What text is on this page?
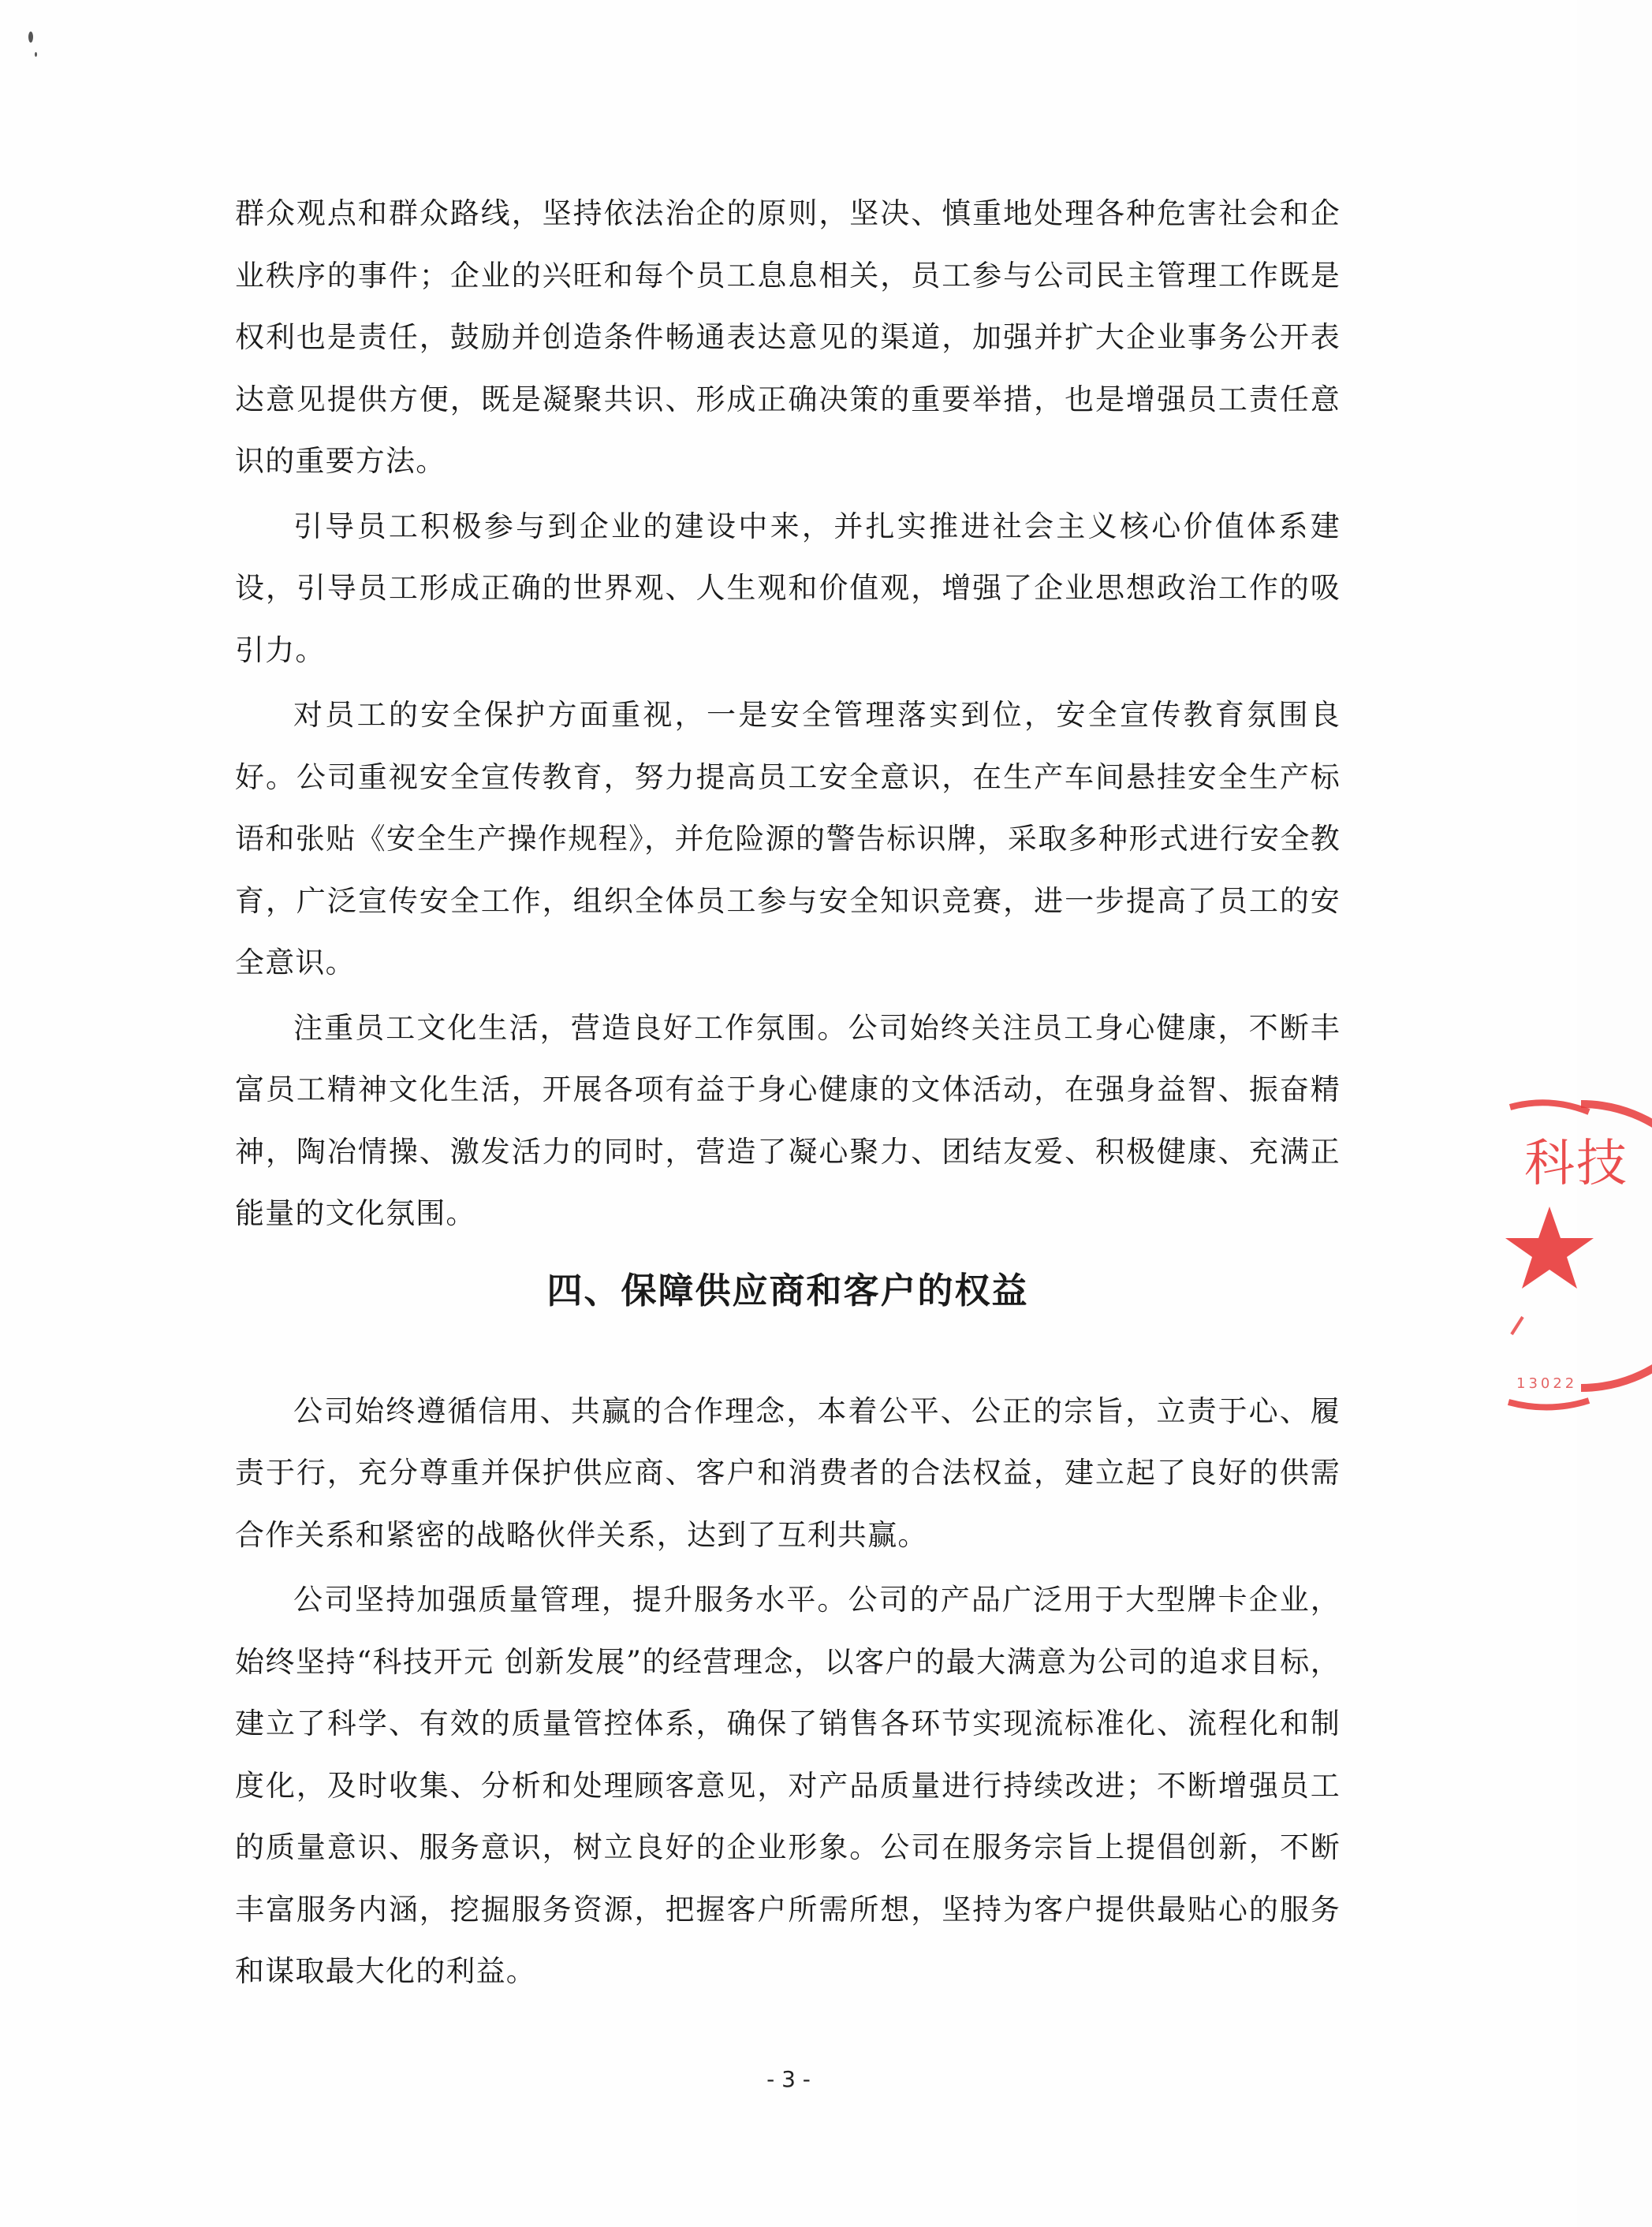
群众观点和群众路线，坚持依法治企的原则，坚决、慎重地处理各种危害社会和企业秩序的事件；企业的兴旺和每个员工息息相关，员工参与公司民主管理工作既是权利也是责任，鼓励并创造条件畅通表达意见的渠道，加强并扩大企业事务公开表达意见提供方便，既是凝聚共识、形成正确决策的重要举措，也是增强员工责任意识的重要方法。

引导员工积极参与到企业的建设中来，并扎实推进社会主义核心价值体系建设，引导员工形成正确的世界观、人生观和价值观，增强了企业思想政治工作的吸引力。

对员工的安全保护方面重视，一是安全管理落实到位，安全宣传教育氛围良好。公司重视安全宣传教育，努力提高员工安全意识，在生产车间悬挂安全生产标语和张贴《安全生产操作规程》，并危险源的警告标识牌，采取多种形式进行安全教育，广泛宣传安全工作，组织全体员工参与安全知识竞赛，进一步提高了员工的安全意识。

注重员工文化生活，营造良好工作氛围。公司始终关注员工身心健康，不断丰富员工精神文化生活，开展各项有益于身心健康的文体活动，在强身益智、振奋精神，陶冶情操、激发活力的同时，营造了凝心聚力、团结友爱、积极健康、充满正能量的文化氛围。

四、保障供应商和客户的权益

公司始终遵循信用、共赢的合作理念，本着公平、公正的宗旨，立责于心、履责于行，充分尊重并保护供应商、客户和消费者的合法权益，建立起了良好的供需合作关系和紧密的战略伙伴关系，达到了互利共赢。

公司坚持加强质量管理，提升服务水平。公司的产品广泛用于大型牌卡企业，始终坚持“科技开元 创新发展”的经营理念，以客户的最大满意为公司的追求目标，建立了科学、有效的质量管控体系，确保了销售各环节实现流标准化、流程化和制度化，及时收集、分析和处理顾客意见，对产品质量进行持续改进；不断增强员工的质量意识、服务意识，树立良好的企业形象。公司在服务宗旨上提倡创新，不断丰富服务内涵，挖掘服务资源，把握客户所需所想，坚持为客户提供最贴心的服务和谋取最大化的利益。

- 3 -
科技
13022
